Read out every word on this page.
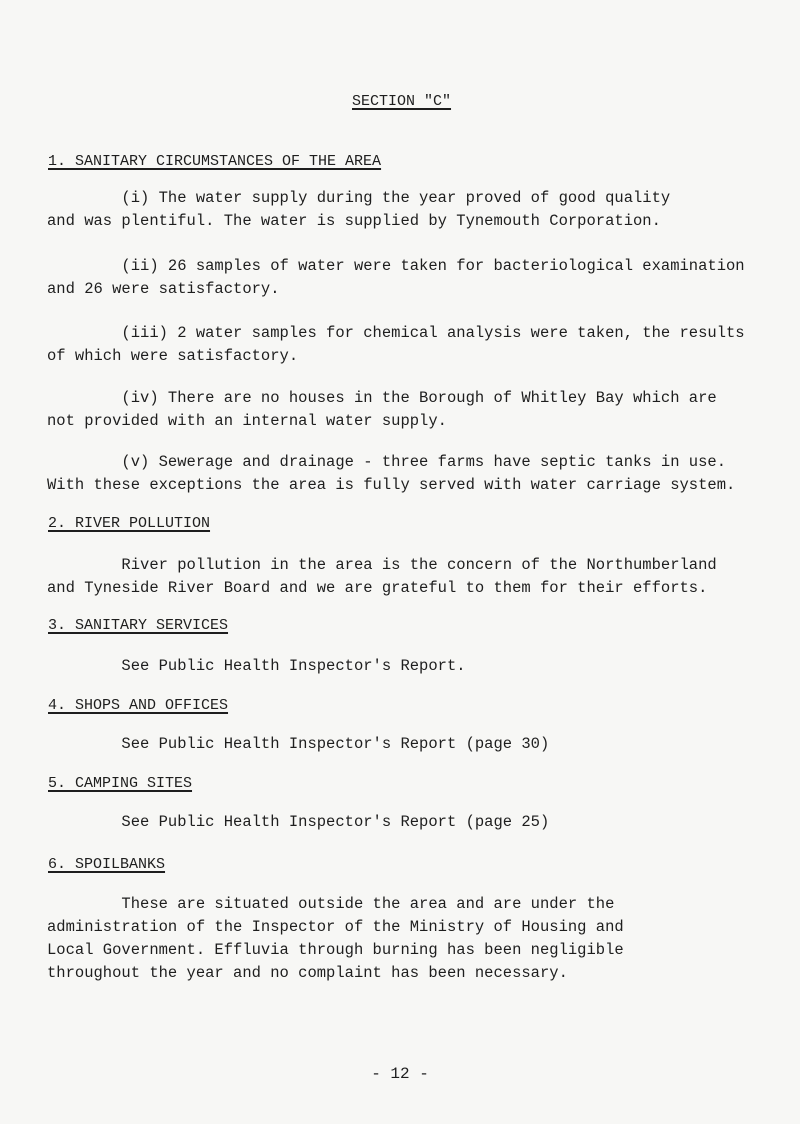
SECTION "C"
1. SANITARY CIRCUMSTANCES OF THE AREA
(i) The water supply during the year proved of good quality
and was plentiful. The water is supplied by Tynemouth Corporation.
(ii) 26 samples of water were taken for bacteriological examination
and 26 were satisfactory.
(iii) 2 water samples for chemical analysis were taken, the results
of which were satisfactory.
(iv) There are no houses in the Borough of Whitley Bay which are
not provided with an internal water supply.
(v) Sewerage and drainage - three farms have septic tanks in use.
With these exceptions the area is fully served with water carriage system.
2. RIVER POLLUTION
River pollution in the area is the concern of the Northumberland
and Tyneside River Board and we are grateful to them for their efforts.
3. SANITARY SERVICES
See Public Health Inspector's Report.
4. SHOPS AND OFFICES
See Public Health Inspector's Report (page 30)
5. CAMPING SITES
See Public Health Inspector's Report (page 25)
6. SPOILBANKS
These are situated outside the area and are under the
administration of the Inspector of the Ministry of Housing and
Local Government. Effluvia through burning has been negligible
throughout the year and no complaint has been necessary.
- 12 -
